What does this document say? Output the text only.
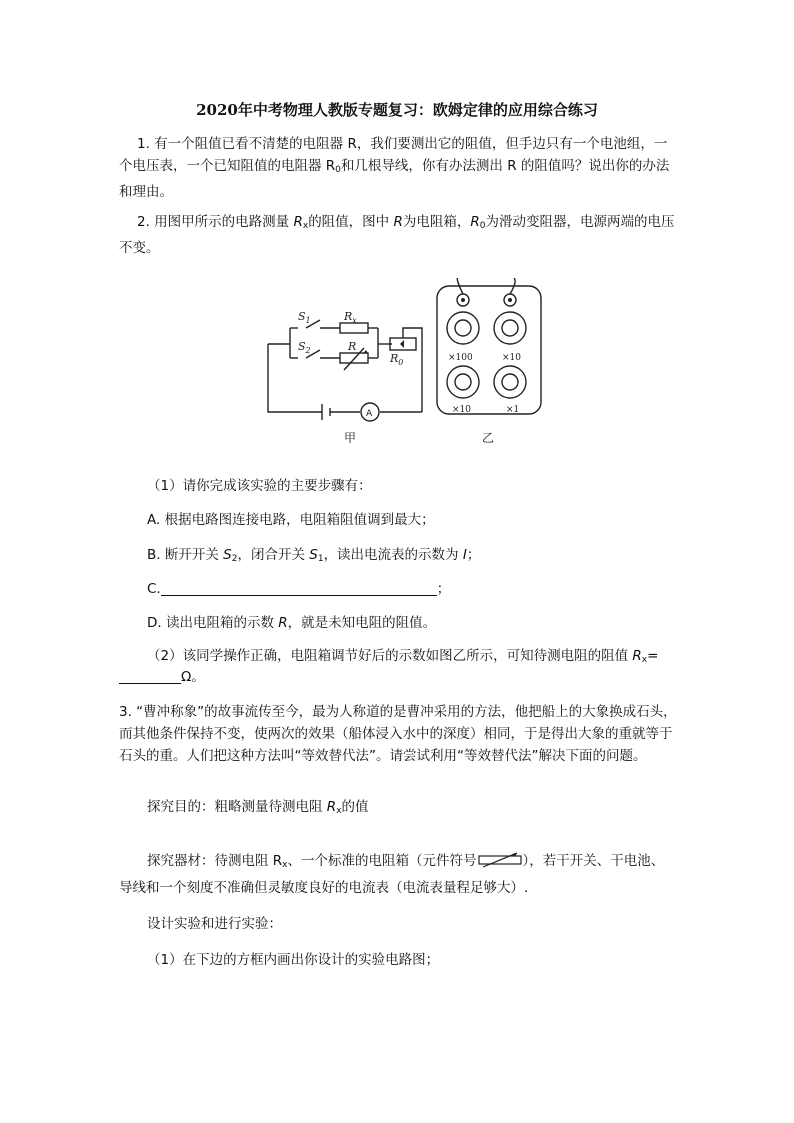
2020年中考物理人教版专题复习：欧姆定律的应用综合练习
1. 有一个阻值已看不清楚的电阻器 R，我们要测出它的阻值，但手边只有一个电池组，一个电压表，一个已知阻值的电阻器 $R_0$和几根导线，你有办法测出 R 的阻值吗？说出你的办法和理由。
2. 用图甲所示的电路测量 $R_x$的阻值，图中 R为电阻箱，$R_0$为滑动变阻器，电源两端的电压不变。
$S_1$
$S_2$
$R_x$
R
$R_0$
A
甲	乙
×100	×10
×10	×1
（1）请你完成该实验的主要步骤有：
A. 根据电路图连接电路，电阻箱阻值调到最大；
B. 断开开关 $S_2$，闭合开关 $S_1$，读出电流表的示数为 I；
C.	；
D. 读出电阻箱的示数 R，就是未知电阻的阻值。
（2）该同学操作正确，电阻箱调节好后的示数如图乙所示，可知待测电阻的阻值 $R_x=$
Ω。
3. “曹冲称象”的故事流传至今，最为人称道的是曹冲采用的方法，他把船上的大象换成石头，而其他条件保持不变，使两次的效果（船体浸入水中的深度）相同，于是得出大象的重就等于石头的重。人们把这种方法叫“等效替代法”。请尝试利用“等效替代法”解决下面的问题。
探究目的：粗略测量待测电阻 $R_x$的值
探究器材：待测电阻 $R_x$、一个标准的电阻箱（元件符号	），若干开关、干电池、
导线和一个刻度不准确但灵敏度良好的电流表（电流表量程足够大）.
设计实验和进行实验：
（1）在下边的方框内画出你设计的实验电路图；
